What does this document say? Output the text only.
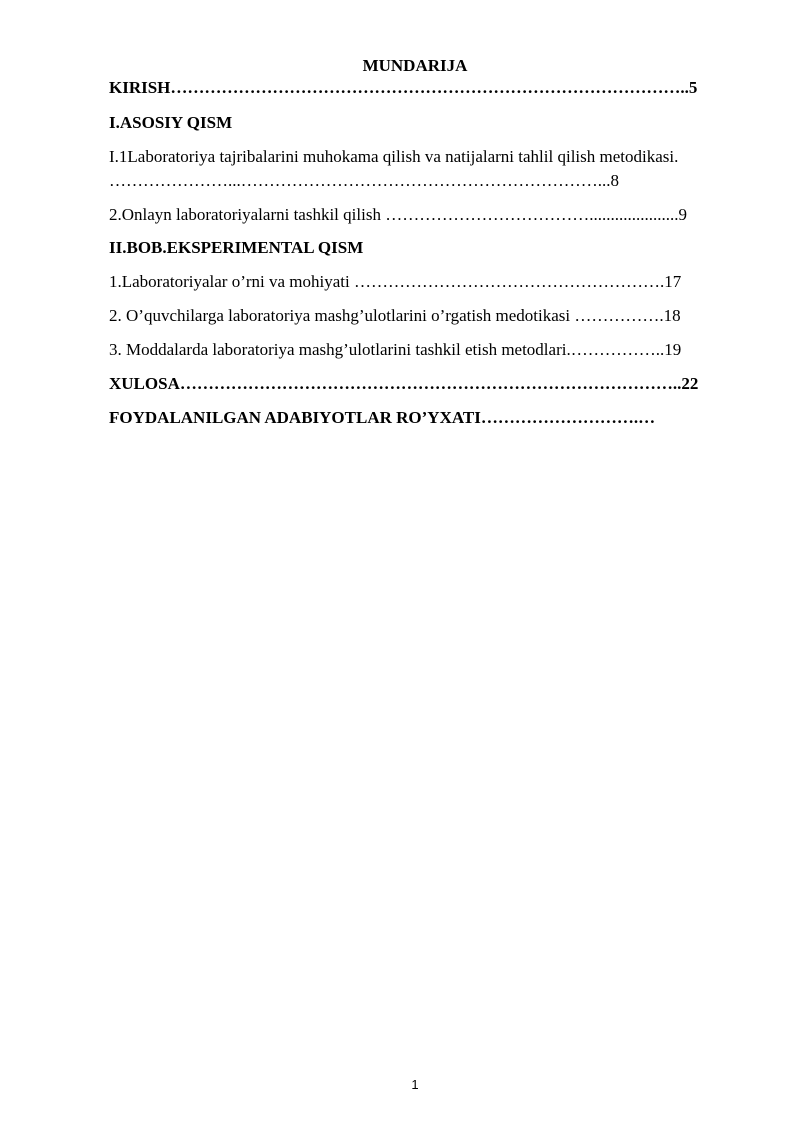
MUNDARIJA
KIRISH………………………………………………………………………………..5
I.ASOSIY QISM
I.1Laboratoriya tajribalarini muhokama qilish va natijalarni tahlil qilish metodikasi.
…………………...………………………………………………………...8
2.Onlayn laboratoriyalarni tashkil qilish ……………………………….....................9
II.BOB.EKSPERIMENTAL QISM
1.Laboratoriyalar o’rni va mohiyati ……………………………………………….17
2. O’quvchilarga laboratoriya mashg’ulotlarini o’rgatish medotikasi …………….18
3. Moddalarda laboratoriya mashg’ulotlarini tashkil etish metodlari.……………..19
XULOSA……………………………………………………………………………..22
FOYDALANILGAN ADABIYOTLAR RO’YXATI……………………….…
1
